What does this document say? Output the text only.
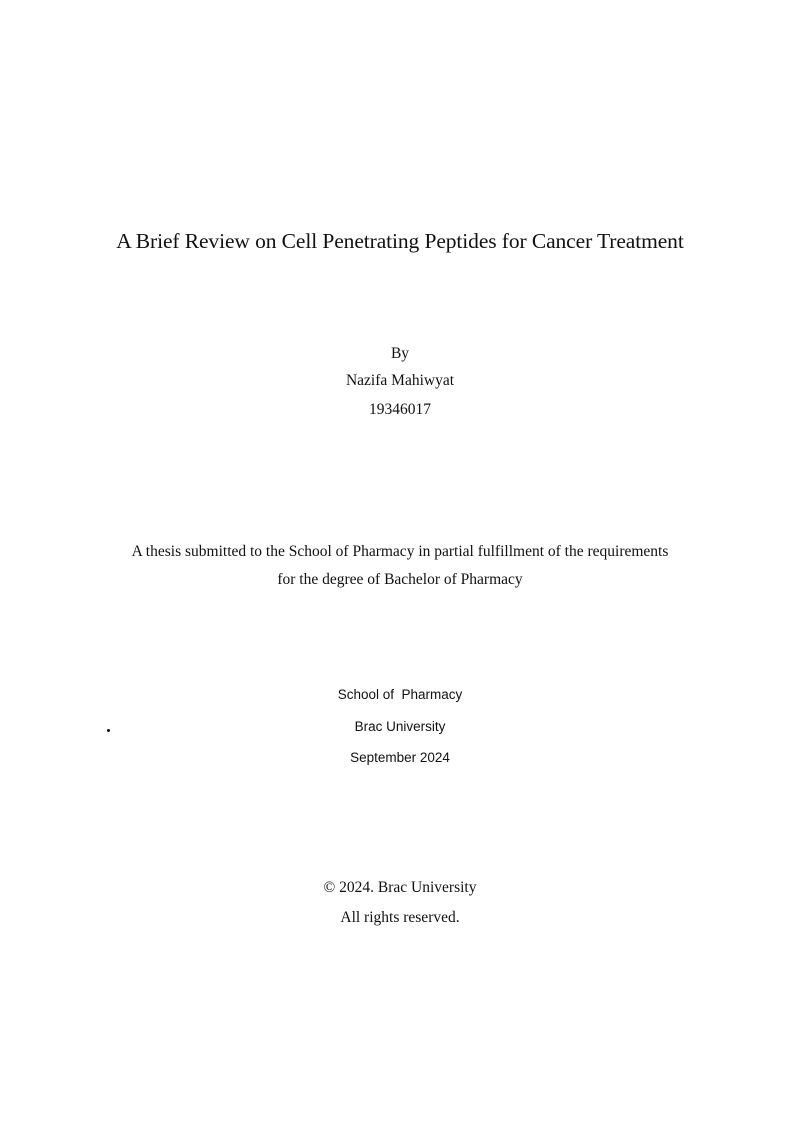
A Brief Review on Cell Penetrating Peptides for Cancer Treatment
By
Nazifa Mahiwyat
19346017
A thesis submitted to the School of Pharmacy in partial fulfillment of the requirements
for the degree of Bachelor of Pharmacy
School of  Pharmacy
Brac University
September 2024
© 2024. Brac University
All rights reserved.
